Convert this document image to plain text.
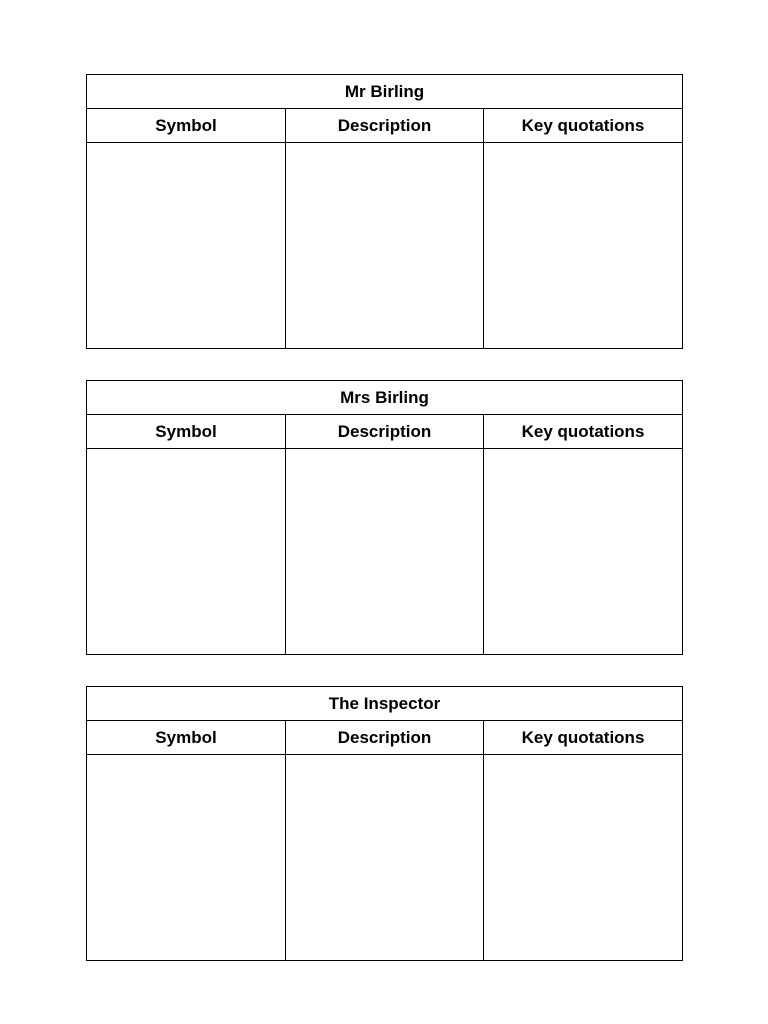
Mr Birling		
Symbol	Description	Key quotations

Mrs Birling		
Symbol	Description	Key quotations

The Inspector		
Symbol	Description	Key quotations
